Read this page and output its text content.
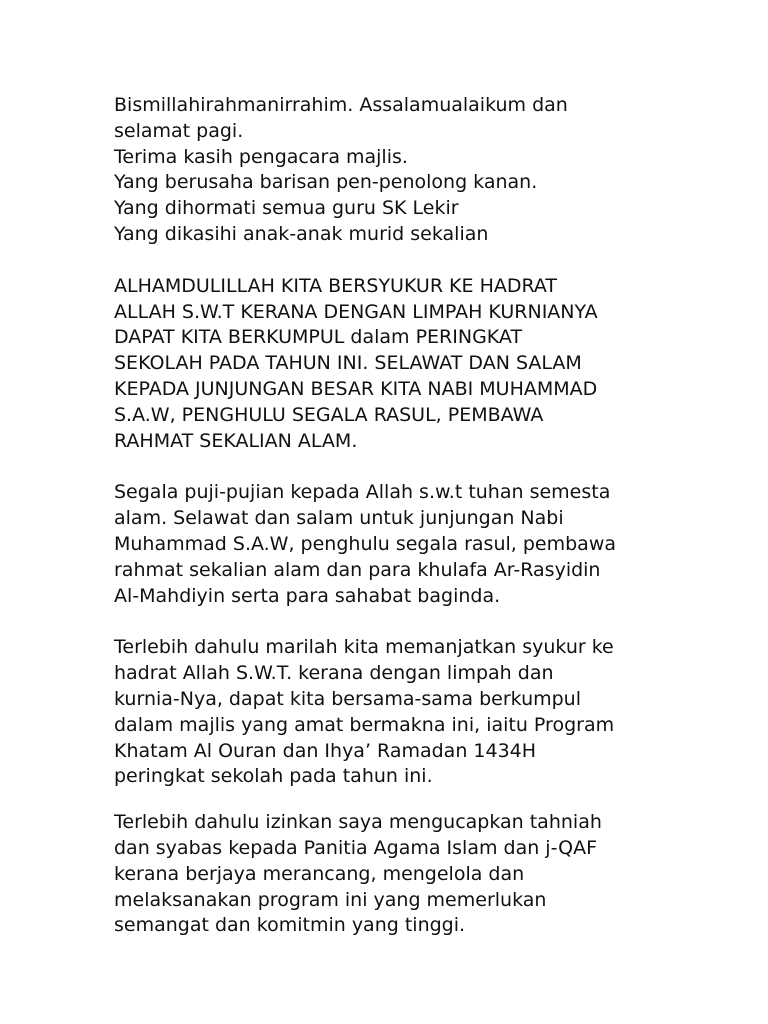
Bismillahirahmanirrahim. Assalamualaikum dan
selamat pagi.
Terima kasih pengacara majlis.
Yang berusaha barisan pen-penolong kanan.
Yang dihormati semua guru SK Lekir
Yang dikasihi anak-anak murid sekalian

ALHAMDULILLAH KITA BERSYUKUR KE HADRAT
ALLAH S.W.T KERANA DENGAN LIMPAH KURNIANYA
DAPAT KITA BERKUMPUL dalam PERINGKAT
SEKOLAH PADA TAHUN INI. SELAWAT DAN SALAM
KEPADA JUNJUNGAN BESAR KITA NABI MUHAMMAD
S.A.W, PENGHULU SEGALA RASUL, PEMBAWA
RAHMAT SEKALIAN ALAM.

Segala puji-pujian kepada Allah s.w.t tuhan semesta
alam. Selawat dan salam untuk junjungan Nabi
Muhammad S.A.W, penghulu segala rasul, pembawa
rahmat sekalian alam dan para khulafa Ar-Rasyidin
Al-Mahdiyin serta para sahabat baginda.

Terlebih dahulu marilah kita memanjatkan syukur ke
hadrat Allah S.W.T. kerana dengan limpah dan
kurnia-Nya, dapat kita bersama-sama berkumpul
dalam majlis yang amat bermakna ini, iaitu Program
Khatam Al Ouran dan Ihya’ Ramadan 1434H
peringkat sekolah pada tahun ini.

Terlebih dahulu izinkan saya mengucapkan tahniah
dan syabas kepada Panitia Agama Islam dan j-QAF
kerana berjaya merancang, mengelola dan
melaksanakan program ini yang memerlukan
semangat dan komitmin yang tinggi.
